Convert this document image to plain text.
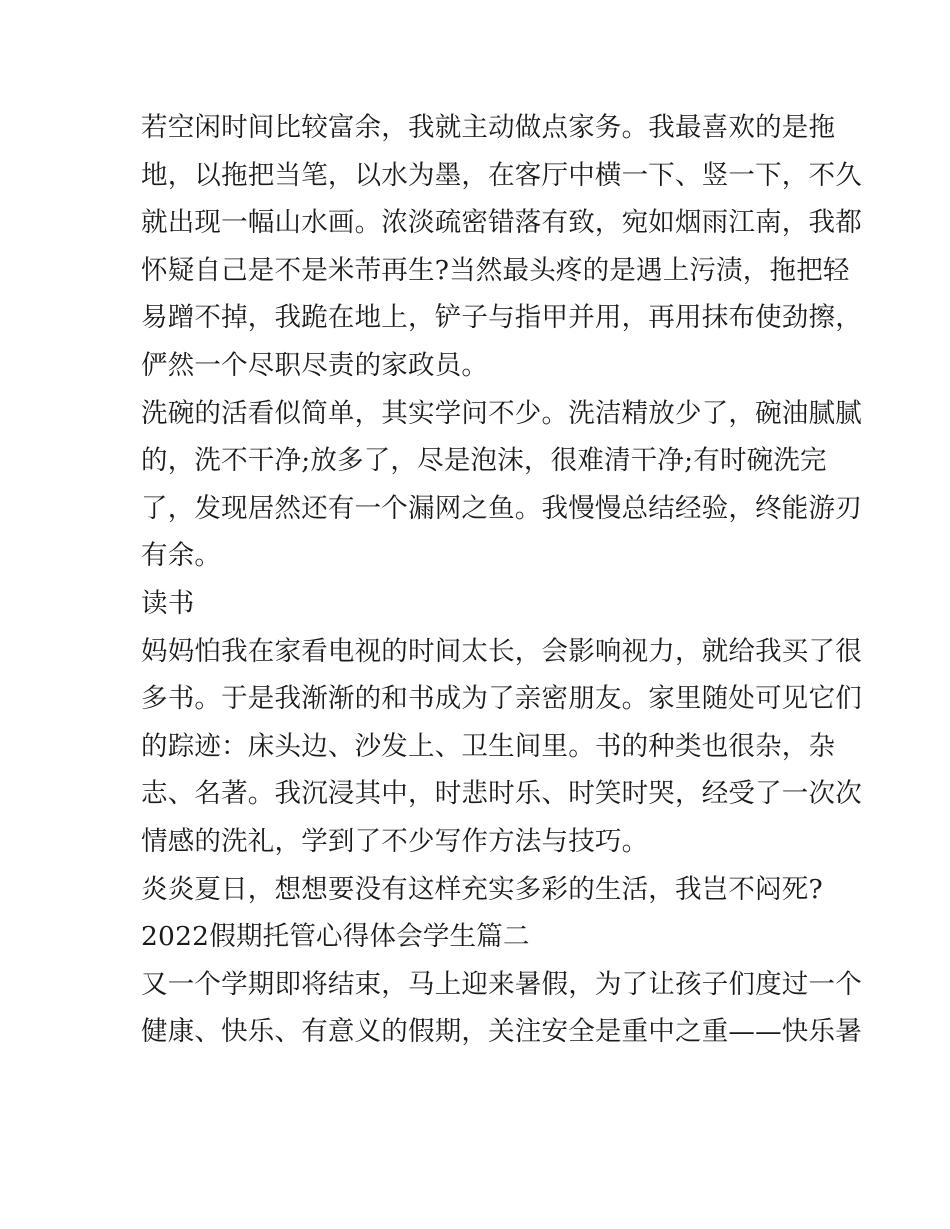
若空闲时间比较富余，我就主动做点家务。我最喜欢的是拖
地，以拖把当笔，以水为墨，在客厅中横一下、竖一下，不久
就出现一幅山水画。浓淡疏密错落有致，宛如烟雨江南，我都
怀疑自己是不是米芾再生?当然最头疼的是遇上污渍，拖把轻
易蹭不掉，我跪在地上，铲子与指甲并用，再用抹布使劲擦，
俨然一个尽职尽责的家政员。
洗碗的活看似简单，其实学问不少。洗洁精放少了，碗油腻腻
的，洗不干净;放多了，尽是泡沫，很难清干净;有时碗洗完
了，发现居然还有一个漏网之鱼。我慢慢总结经验，终能游刃
有余。
读书
妈妈怕我在家看电视的时间太长，会影响视力，就给我买了很
多书。于是我渐渐的和书成为了亲密朋友。家里随处可见它们
的踪迹：床头边、沙发上、卫生间里。书的种类也很杂，杂
志、名著。我沉浸其中，时悲时乐、时笑时哭，经受了一次次
情感的洗礼，学到了不少写作方法与技巧。
炎炎夏日，想想要没有这样充实多彩的生活，我岂不闷死?
2022假期托管心得体会学生篇二
又一个学期即将结束，马上迎来暑假，为了让孩子们度过一个
健康、快乐、有意义的假期，关注安全是重中之重——快乐暑
